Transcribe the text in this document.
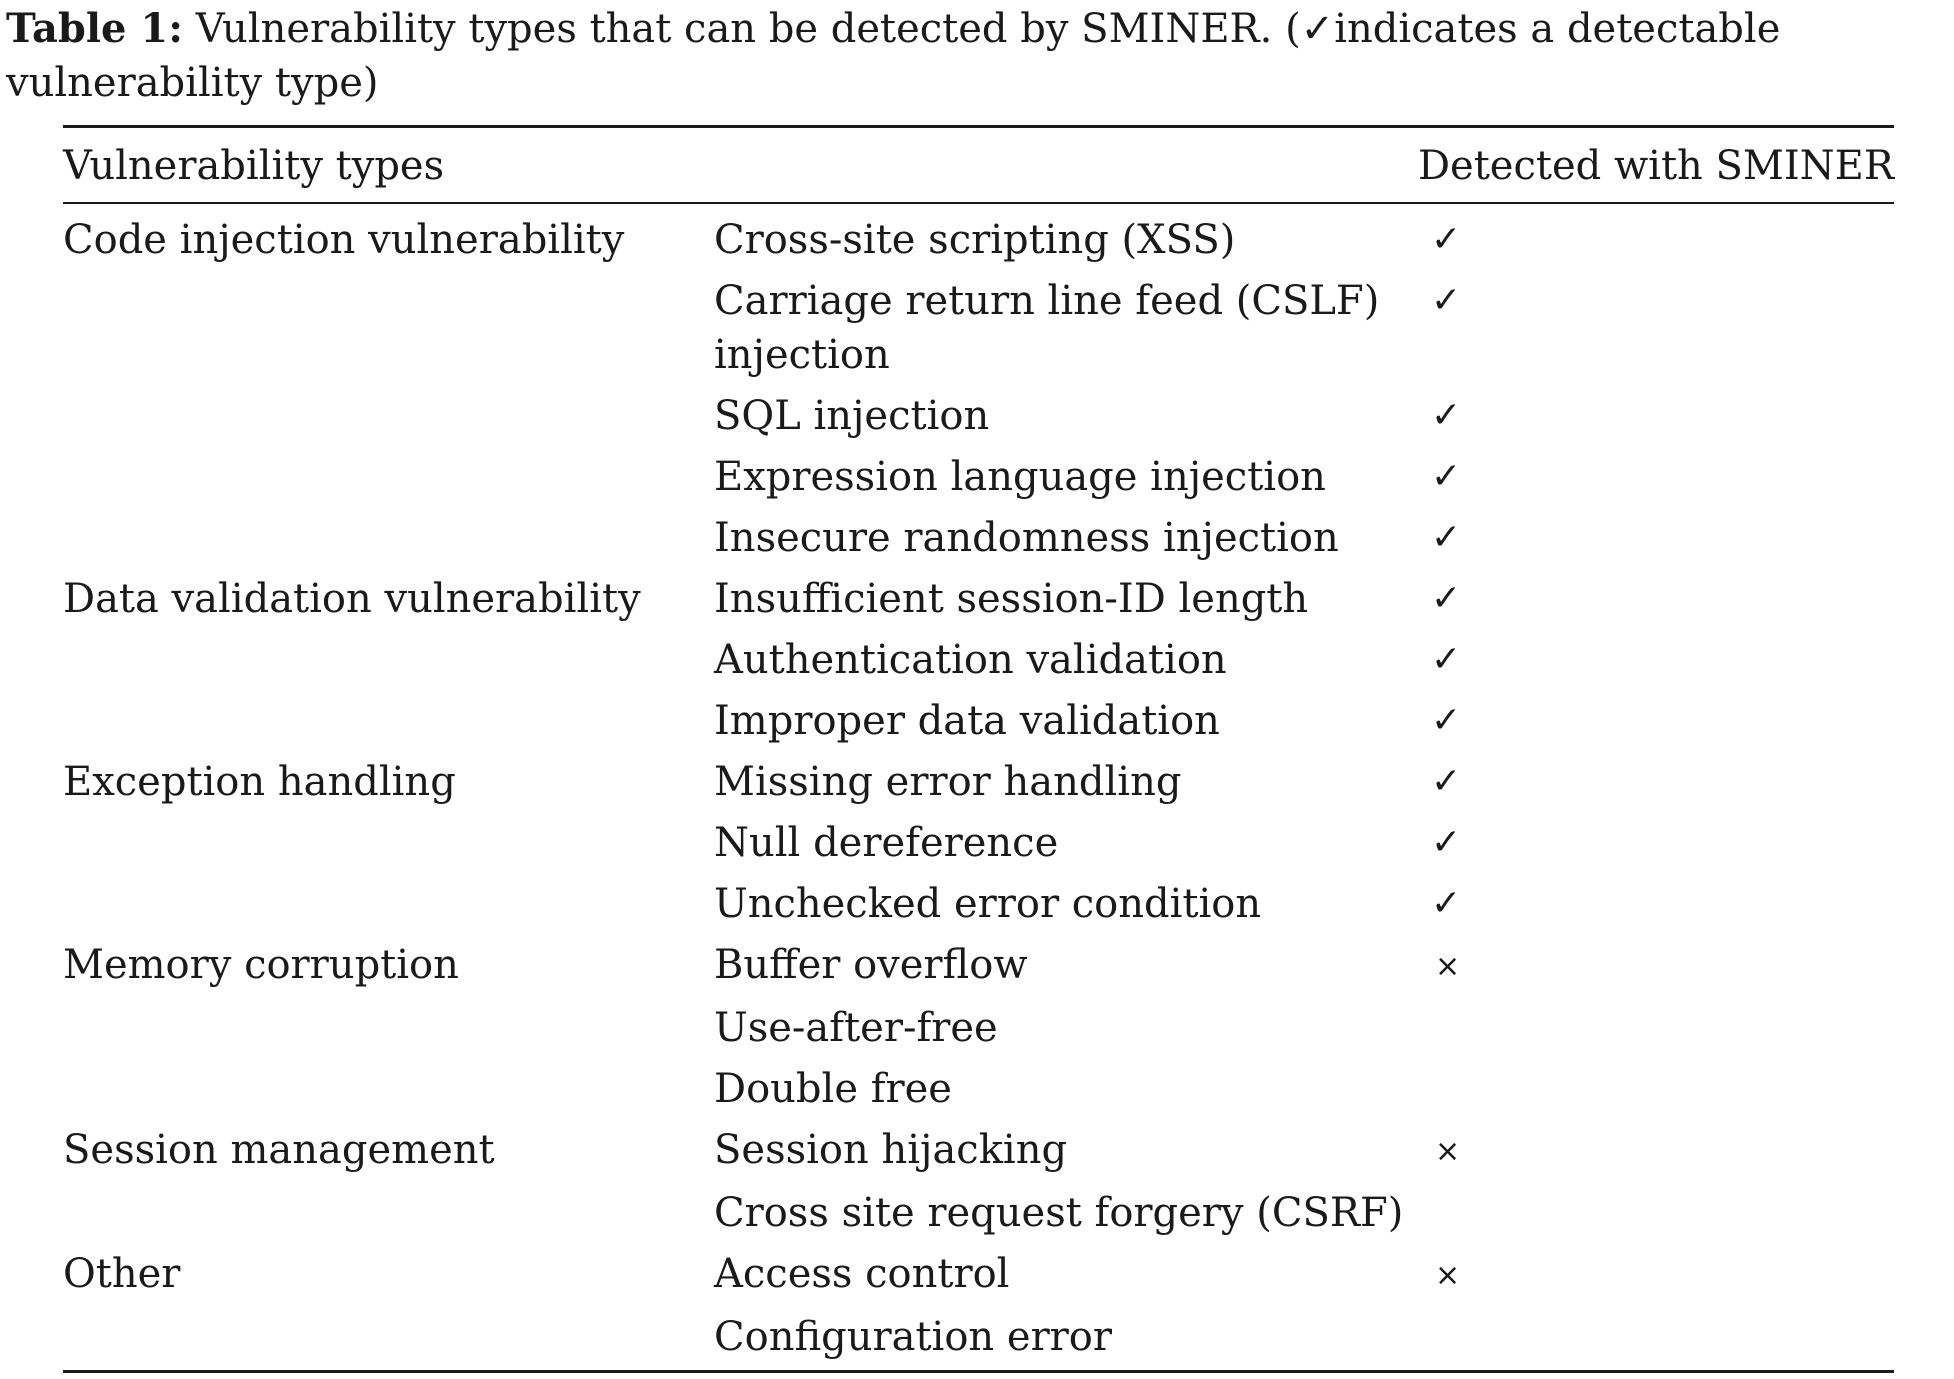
Table 1: Vulnerability types that can be detected by SMINER. (✓indicates a detectable vulnerability type)
Vulnerability types	Detected with SMINER
Code injection vulnerability	Cross-site scripting (XSS)	✓
	Carriage return line feed (CSLF) injection	✓
	SQL injection	✓
	Expression language injection	✓
	Insecure randomness injection	✓
Data validation vulnerability	Insufficient session-ID length	✓
	Authentication validation	✓
	Improper data validation	✓
Exception handling	Missing error handling	✓
	Null dereference	✓
	Unchecked error condition	✓
Memory corruption	Buffer overflow	×
	Use-after-free	
	Double free	
Session management	Session hijacking	×
	Cross site request forgery (CSRF)	
Other	Access control	×
	Configuration error	
